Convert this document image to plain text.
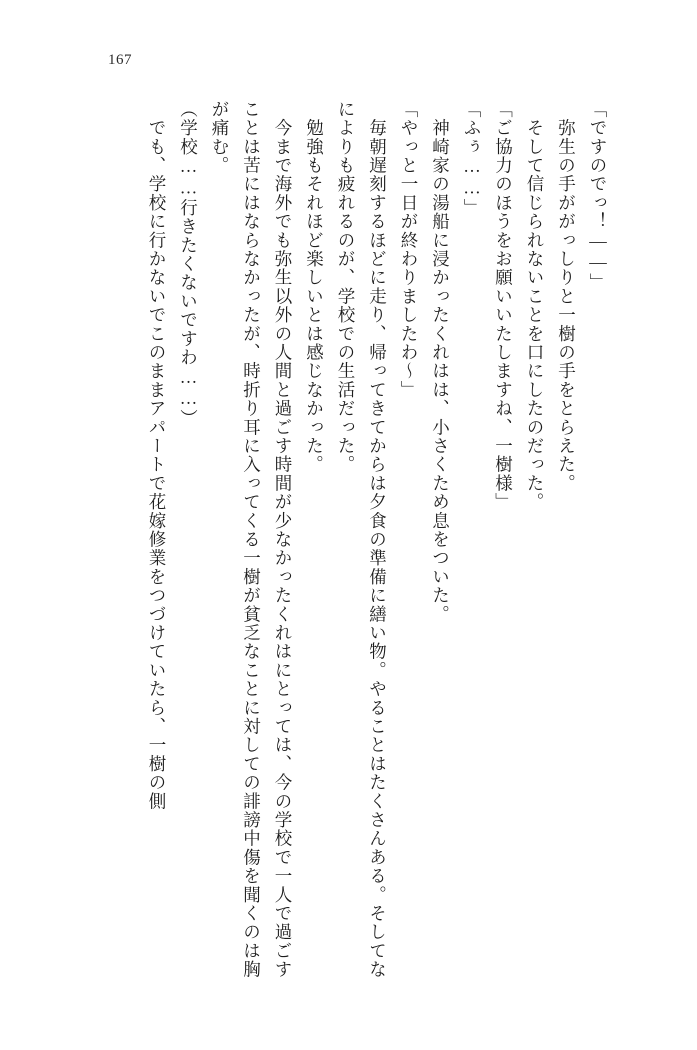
167

「ですのでっ！――」

　弥生の手ががっしりと一樹の手をとらえた。

　そして信じられないことを口にしたのだった。

「ご協力のほうをお願いいたしますね、一樹様」

「ふぅ……」

　神崎家の湯船に浸かったくれはは、小さくため息をついた。

「やっと一日が終わりましたわ～」

　毎朝遅刻するほどに走り、帰ってきてからは夕食の準備に繕い物。やることはたくさんある。そしてなによりも疲れるのが、学校での生活だった。

　勉強もそれほど楽しいとは感じなかった。

　今まで海外でも弥生以外の人間と過ごす時間が少なかったくれはにとっては、今の学校で一人で過ごすことは苦にはならなかったが、時折り耳に入ってくる一樹が貧乏なことに対しての誹謗中傷を聞くのは胸が痛む。

（学校……行きたくないですわ……）

　でも、学校に行かないでこのままアパートで花嫁修業をつづけていたら、一樹の側
